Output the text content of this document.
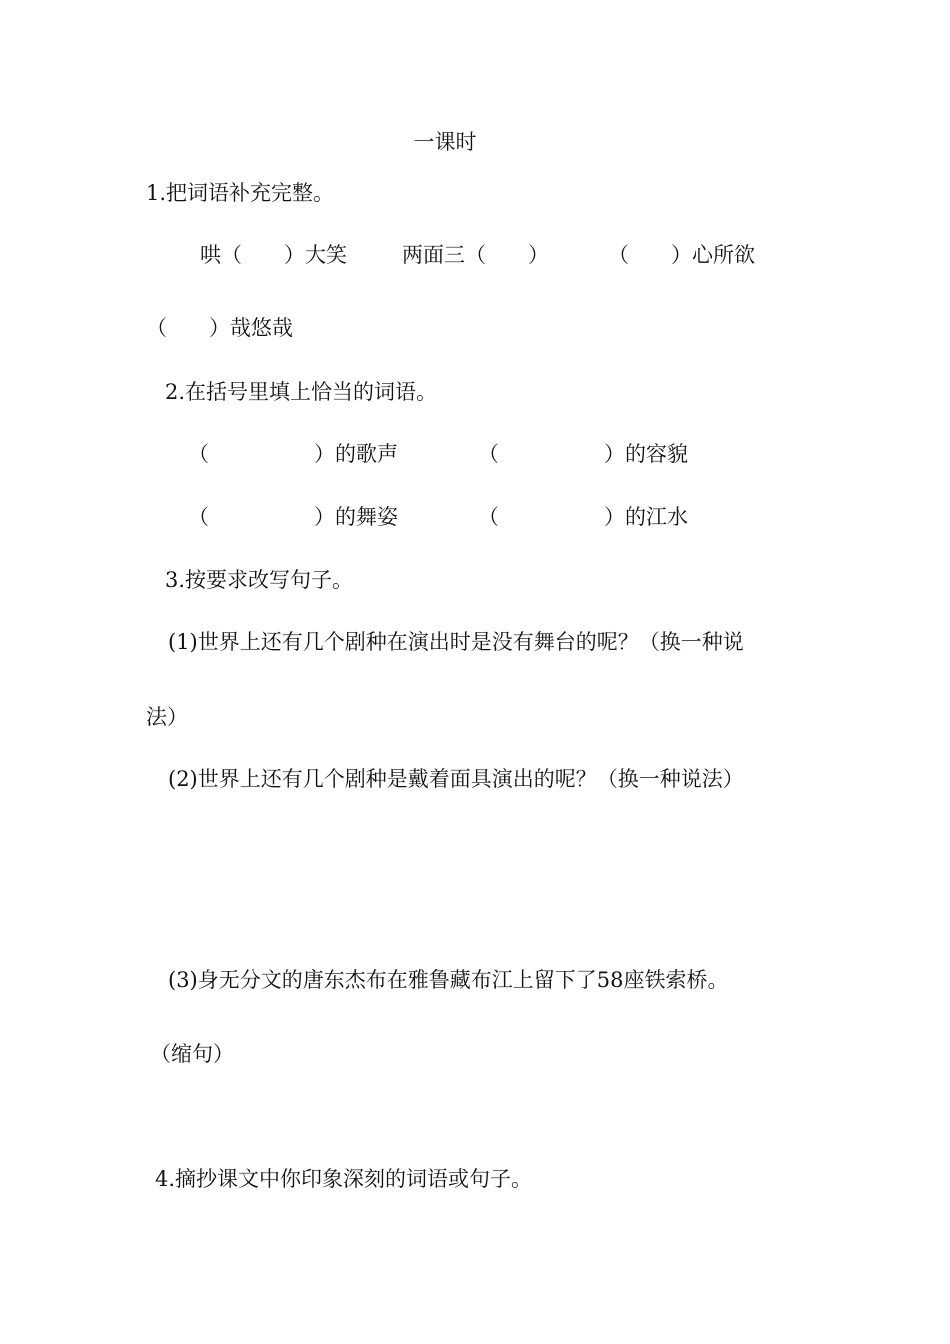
一课时

1.把词语补充完整。

哄（　　）大笑	两面三（　　）	（　　）心所欲

（　　）哉悠哉

2.在括号里填上恰当的词语。

（　　　　　）的歌声	（　　　　　）的容貌

（　　　　　）的舞姿	（　　　　　）的江水

3.按要求改写句子。

(1)世界上还有几个剧种在演出时是没有舞台的呢？（换一种说

法）

(2)世界上还有几个剧种是戴着面具演出的呢？（换一种说法）

(3)身无分文的唐东杰布在雅鲁藏布江上留下了58座铁索桥。

（缩句）

4.摘抄课文中你印象深刻的词语或句子。
